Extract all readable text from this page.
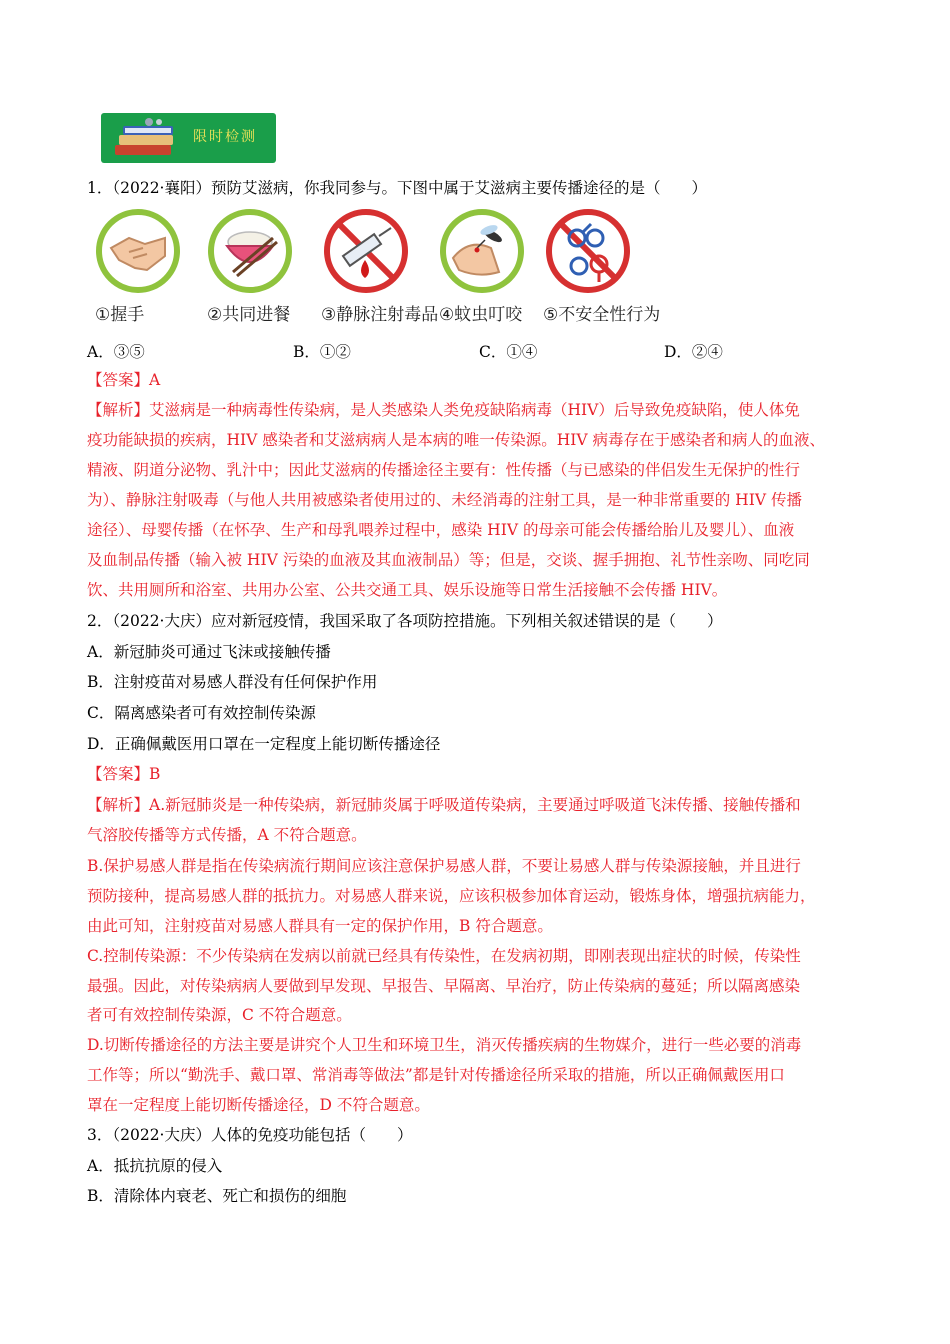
限时检测
1．（2022·襄阳）预防艾滋病，你我同参与。下图中属于艾滋病主要传播途径的是（　　）
①握手	②共同进餐 ③静脉注射毒品 ④蚊虫叮咬 ⑤不安全性行为
A．③⑤	B．①②	C．①④	D．②④
【答案】A
【解析】艾滋病是一种病毒性传染病，是人类感染人类免疫缺陷病毒（HIV）后导致免疫缺陷，使人体免
疫功能缺损的疾病，HIV 感染者和艾滋病病人是本病的唯一传染源。HIV 病毒存在于感染者和病人的血液、
精液、阴道分泌物、乳汁中；因此艾滋病的传播途径主要有：性传播（与已感染的伴侣发生无保护的性行
为）、静脉注射吸毒（与他人共用被感染者使用过的、未经消毒的注射工具，是一种非常重要的 HIV 传播
途径）、母婴传播（在怀孕、生产和母乳喂养过程中，感染 HIV 的母亲可能会传播给胎儿及婴儿）、血液
及血制品传播（输入被 HIV 污染的血液及其血液制品）等；但是，交谈、握手拥抱、礼节性亲吻、同吃同
饮、共用厕所和浴室、共用办公室、公共交通工具、娱乐设施等日常生活接触不会传播 HIV。
2．（2022·大庆）应对新冠疫情，我国采取了各项防控措施。下列相关叙述错误的是（　　）
A．新冠肺炎可通过飞沫或接触传播
B．注射疫苗对易感人群没有任何保护作用
C．隔离感染者可有效控制传染源
D．正确佩戴医用口罩在一定程度上能切断传播途径
【答案】B
【解析】A.新冠肺炎是一种传染病，新冠肺炎属于呼吸道传染病，主要通过呼吸道飞沫传播、接触传播和
气溶胶传播等方式传播，A 不符合题意。
B.保护易感人群是指在传染病流行期间应该注意保护易感人群，不要让易感人群与传染源接触，并且进行
预防接种，提高易感人群的抵抗力。对易感人群来说，应该积极参加体育运动，锻炼身体，增强抗病能力，
由此可知，注射疫苗对易感人群具有一定的保护作用，B 符合题意。
C.控制传染源：不少传染病在发病以前就已经具有传染性，在发病初期，即刚表现出症状的时候，传染性
最强。因此，对传染病病人要做到早发现、早报告、早隔离、早治疗，防止传染病的蔓延；所以隔离感染
者可有效控制传染源，C 不符合题意。
D.切断传播途径的方法主要是讲究个人卫生和环境卫生，消灭传播疾病的生物媒介，进行一些必要的消毒
工作等；所以“勤洗手、戴口罩、常消毒等做法”都是针对传播途径所采取的措施，所以正确佩戴医用口
罩在一定程度上能切断传播途径，D 不符合题意。
3．（2022·大庆）人体的免疫功能包括（　　）
A．抵抗抗原的侵入
B．清除体内衰老、死亡和损伤的细胞
